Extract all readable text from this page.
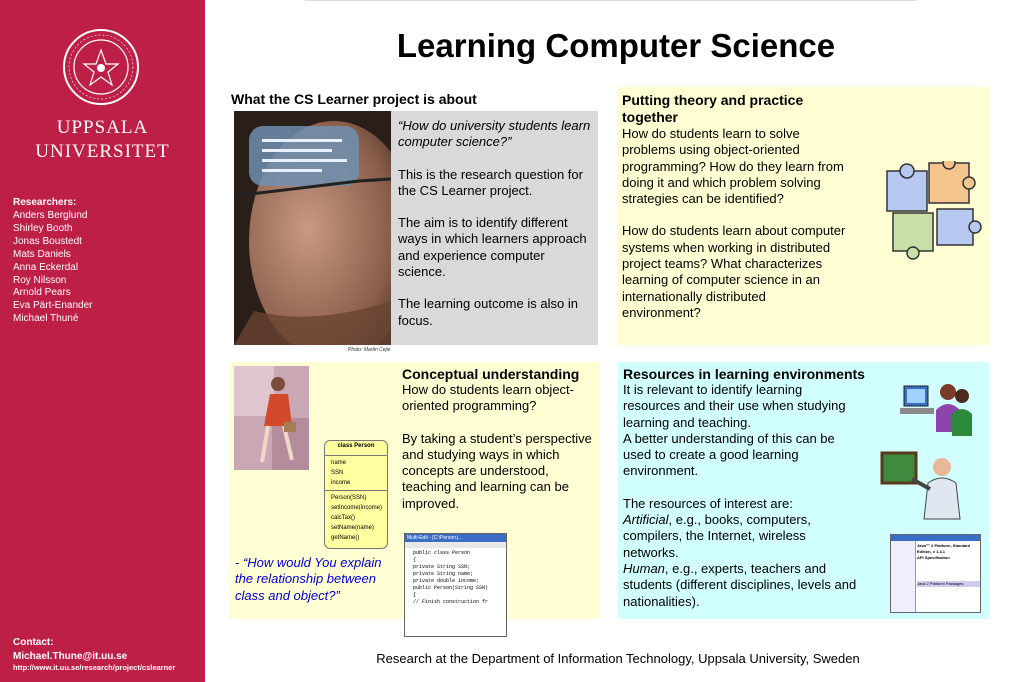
UPPSALA
UNIVERSITET
Researchers:
Anders Berglund
Shirley Booth
Jonas Boustedt
Mats Daniels
Anna Eckerdal
Roy Nilsson
Arnold Pears
Eva Pärt-Enander
Michael Thuné
Contact:
Michael.Thune@it.uu.se
http://www.it.uu.se/research/project/cslearner
Learning Computer Science
What the CS Learner project is about
Photo: Martin Cejie

“How do university students learn computer science?”

This is the research question for the CS Learner project.

The aim is to identify different ways in which learners approach and experience computer science.

The learning outcome is also in focus.

Putting theory and practice together

How do students learn to solve problems using object-oriented programming? How do they learn from doing it and which problem solving strategies can be identified?

How do students learn about computer systems when working in distributed project teams? What characterizes learning of computer science in an internationally distributed environment?

Conceptual understanding

How do students learn object-oriented programming?

By taking a student’s perspective and studying ways in which concepts are understood, teaching and learning can be improved.

- “How would You explain the relationship between class and object?”
class Person
name
SSN
income
Person(SSN)
setIncome(income)
calcTax()
setName(name)
getName()	Multi-Edit - [C:\Person.j...
public class Person
{
private String SSN;
private String name;
private double income;
public Person(String SSN)
{
// Finish construction fr
Resources in learning environments
It is relevant to identify learning resources and their use when studying learning and teaching.

A better understanding of this can be used to create a good learning environment.

The resources of interest are:
Artificial, e.g., books, computers, compilers, the Internet, wireless networks.
Human, e.g., experts, teachers and students (different disciplines, levels and nationalities).
Java™ 2 Platform, Standard Edition, v 1.4.1
API Specification
Java 2 Platform Packages
Research at the Department of Information Technology, Uppsala University, Sweden
